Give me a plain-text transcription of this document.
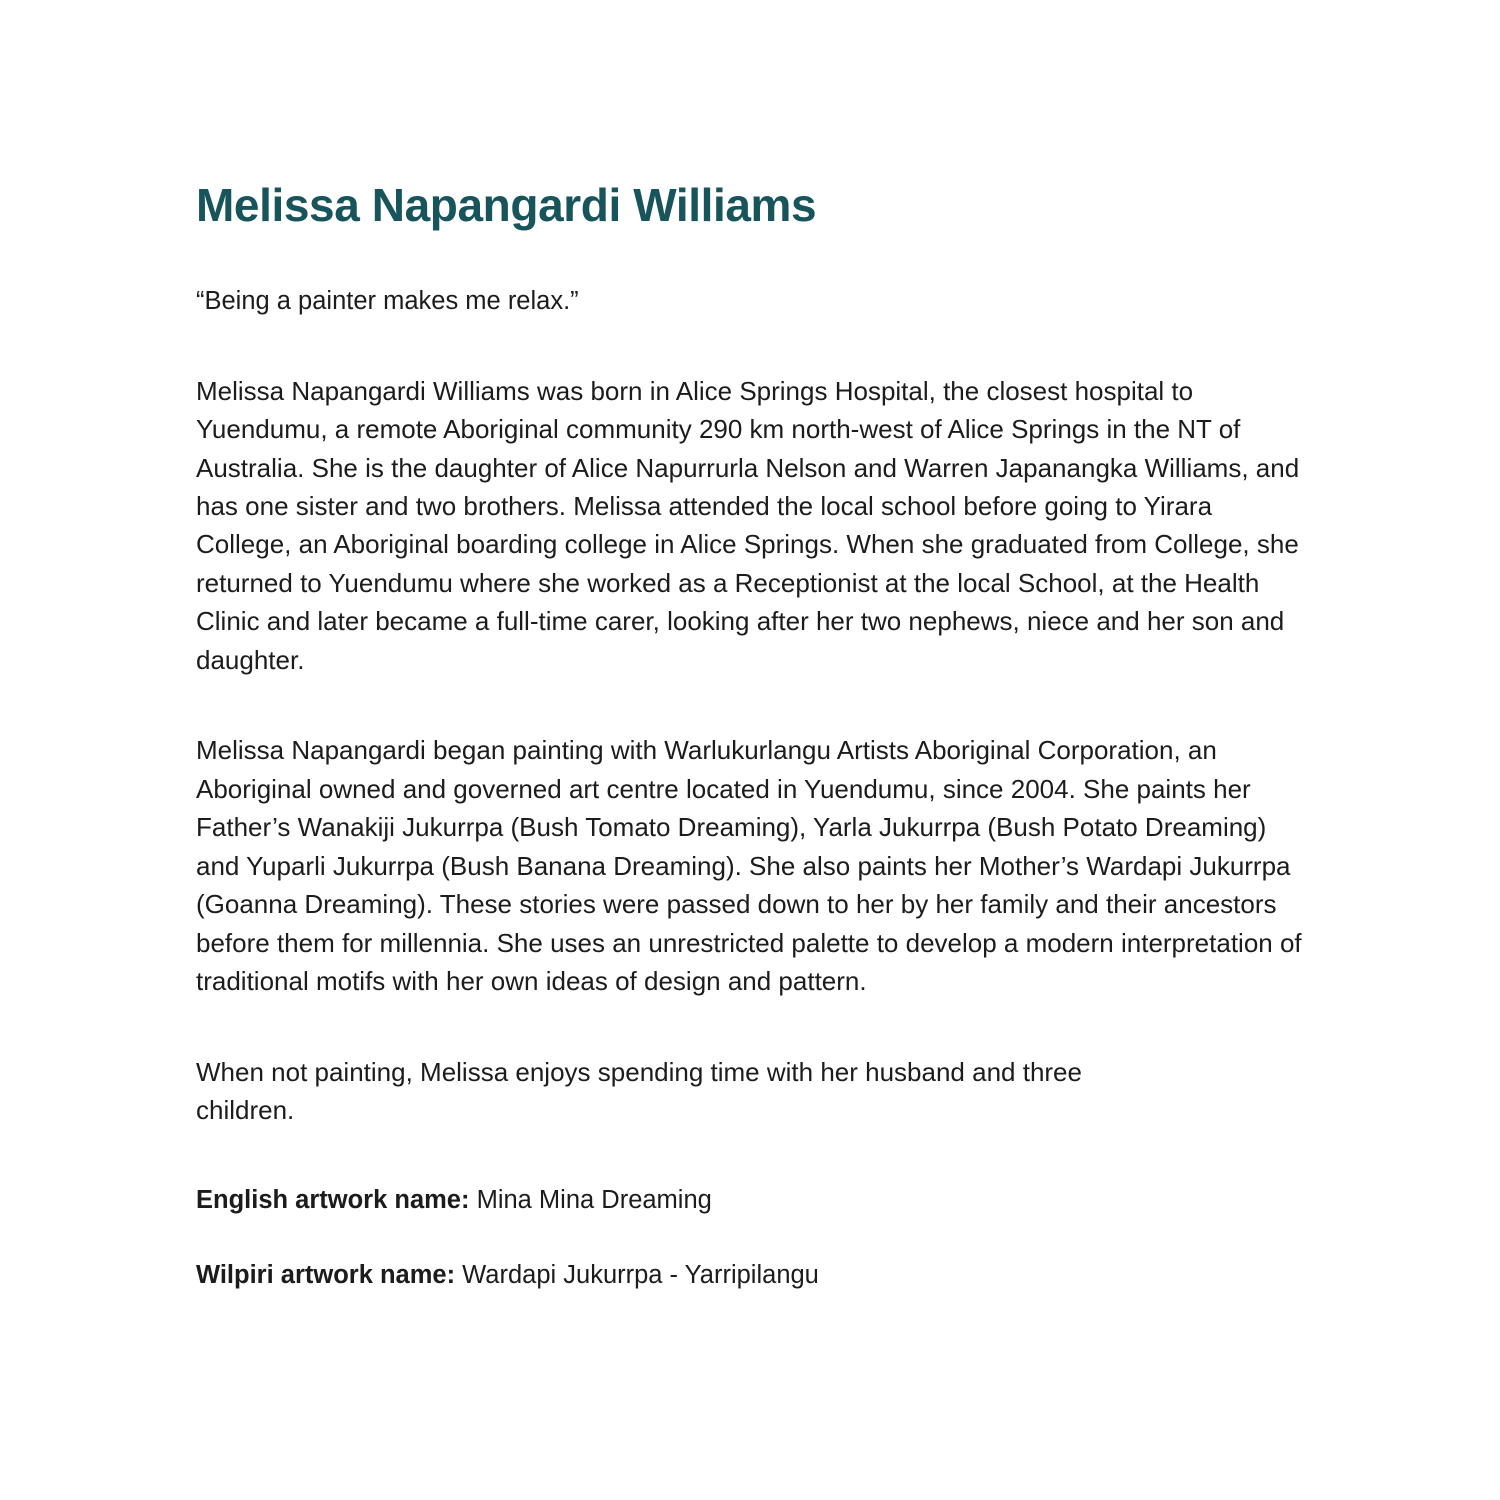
Melissa Napangardi Williams

“Being a painter makes me relax.”

Melissa Napangardi Williams was born in Alice Springs Hospital, the closest hospital to Yuendumu, a remote Aboriginal community 290 km north-west of Alice Springs in the NT of Australia. She is the daughter of Alice Napurrurla Nelson and Warren Japanangka Williams, and has one sister and two brothers. Melissa attended the local school before going to Yirara College, an Aboriginal boarding college in Alice Springs. When she graduated from College, she returned to Yuendumu where she worked as a Receptionist at the local School, at the Health Clinic and later became a full-time carer, looking after her two nephews, niece and her son and daughter.

Melissa Napangardi began painting with Warlukurlangu Artists Aboriginal Corporation, an Aboriginal owned and governed art centre located in Yuendumu, since 2004. She paints her Father’s Wanakiji Jukurrpa (Bush Tomato Dreaming), Yarla Jukurrpa (Bush Potato Dreaming) and Yuparli Jukurrpa (Bush Banana Dreaming). She also paints her Mother’s Wardapi Jukurrpa (Goanna Dreaming). These stories were passed down to her by her family and their ancestors before them for millennia. She uses an unrestricted palette to develop a modern interpretation of traditional motifs with her own ideas of design and pattern.

When not painting, Melissa enjoys spending time with her husband and three children.

English artwork name: Mina Mina Dreaming

Wilpiri artwork name: Wardapi Jukurrpa - Yarripilangu
